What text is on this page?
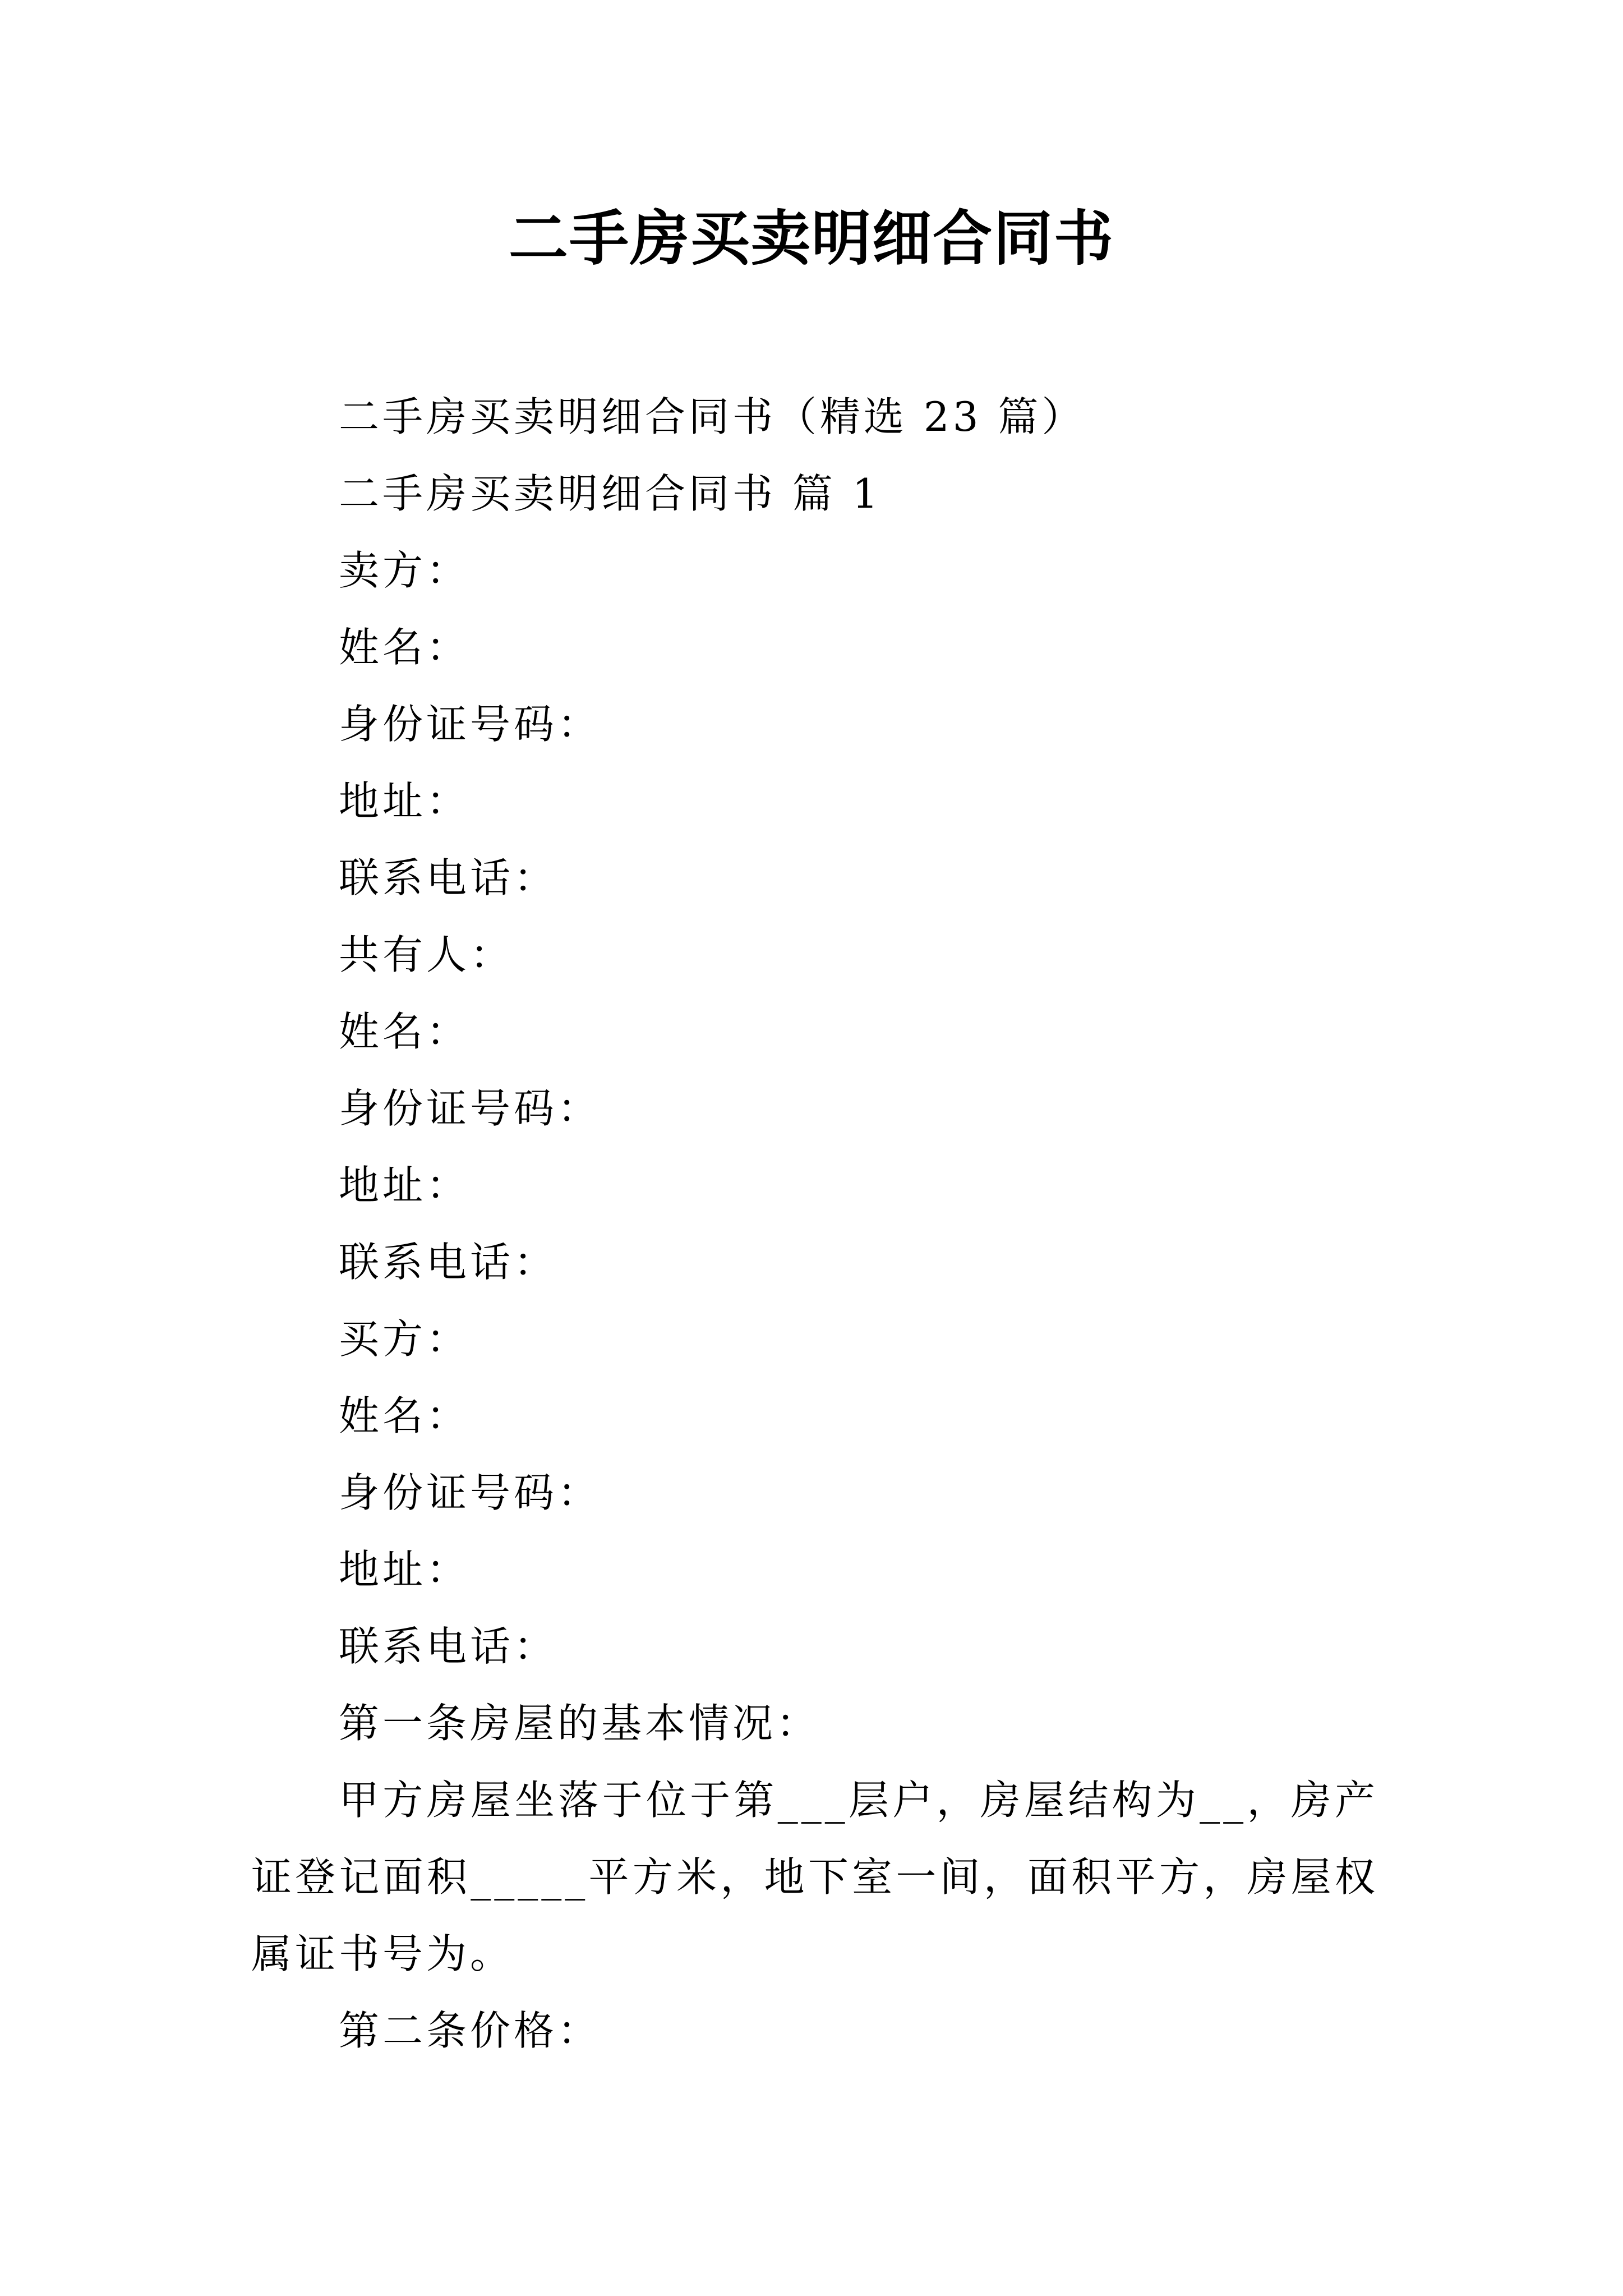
二手房买卖明细合同书
二手房买卖明细合同书（精选 23 篇）
二手房买卖明细合同书 篇 1
卖方：
姓名：
身份证号码：
地址：
联系电话：
共有人：
姓名：
身份证号码：
地址：
联系电话：
买方：
姓名：
身份证号码：
地址：
联系电话：
第一条房屋的基本情况：
甲方房屋坐落于位于第___层户，房屋结构为__，房产证登记面积_____平方米，地下室一间，面积平方，房屋权属证书号为。
第二条价格：
